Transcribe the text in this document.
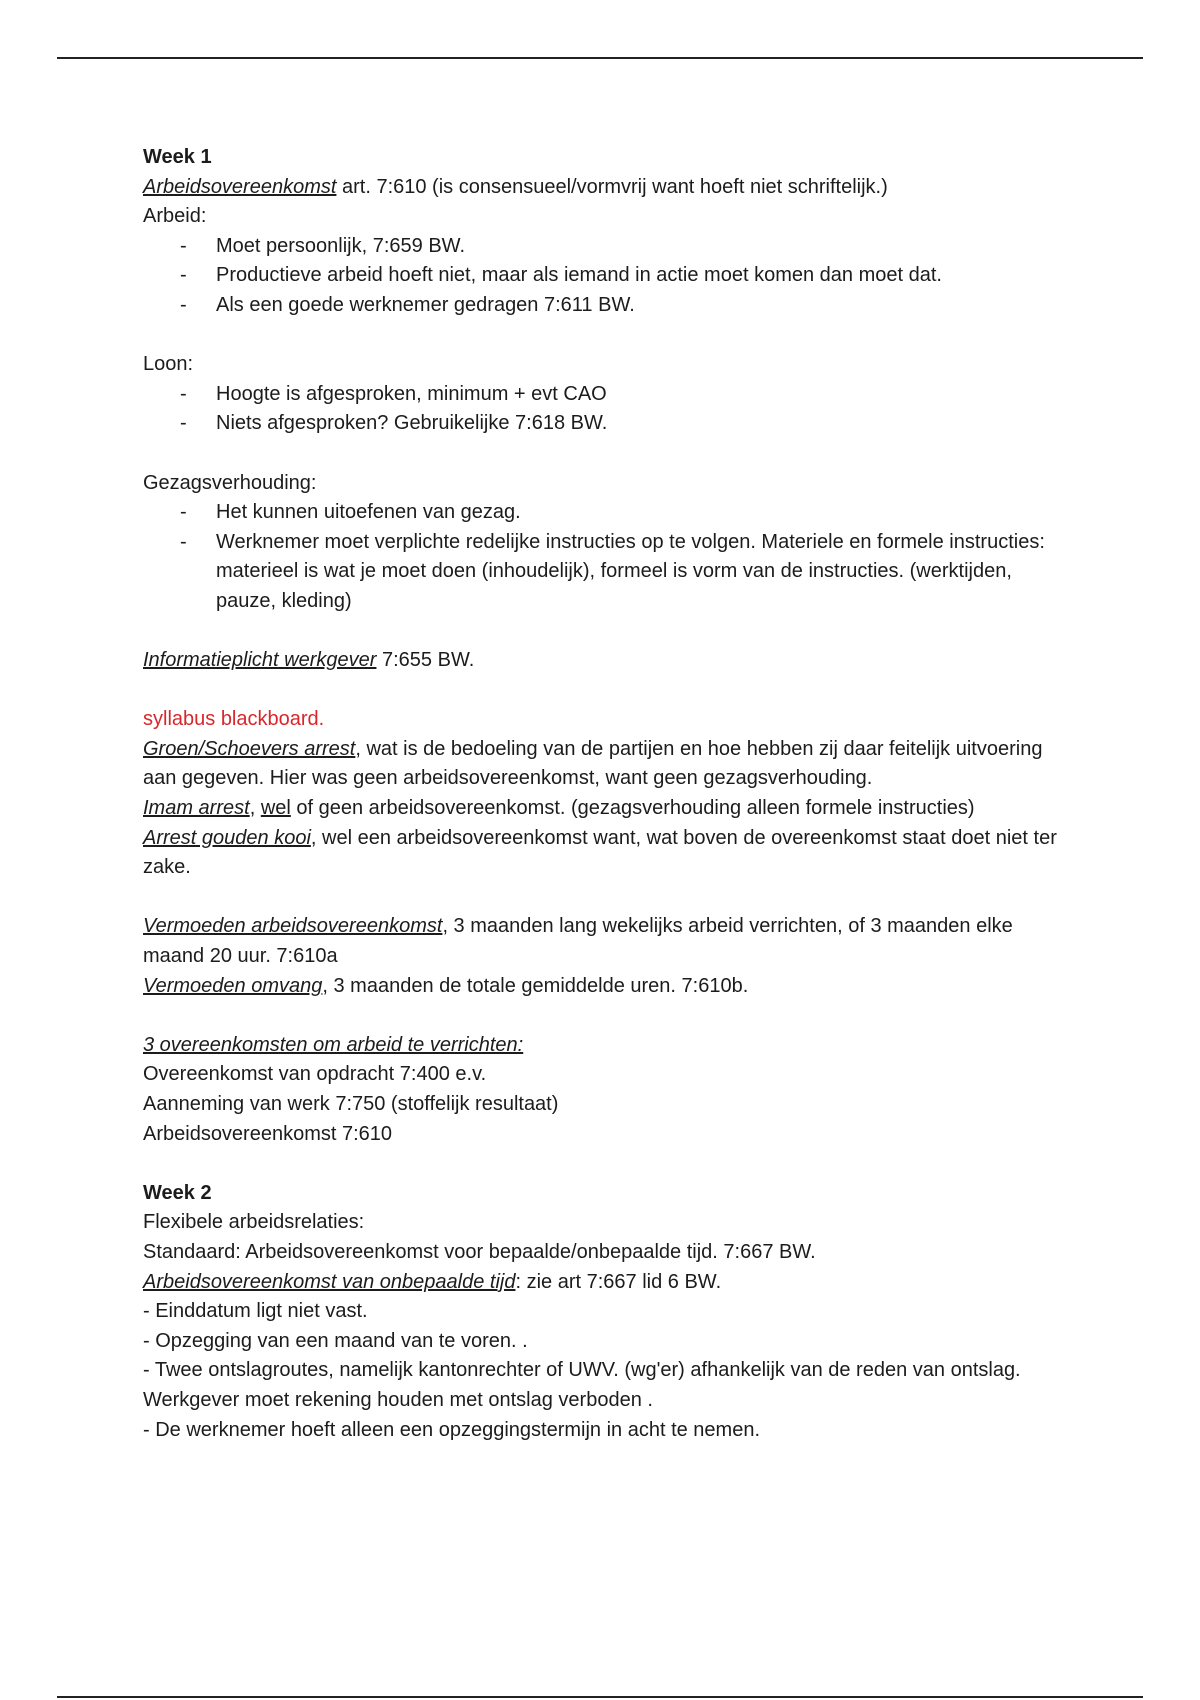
Week 1

Arbeidsovereenkomst art. 7:610 (is consensueel/vormvrij want hoeft niet schriftelijk.)

Arbeid:

- Moet persoonlijk, 7:659 BW.
- Productieve arbeid hoeft niet, maar als iemand in actie moet komen dan moet dat.
- Als een goede werknemer gedragen 7:611 BW.

Loon:

- Hoogte is afgesproken, minimum + evt CAO
- Niets afgesproken? Gebruikelijke 7:618 BW.

Gezagsverhouding:

- Het kunnen uitoefenen van gezag.
- Werknemer moet verplichte redelijke instructies op te volgen. Materiele en formele instructies: materieel is wat je moet doen (inhoudelijk), formeel is vorm van de instructies. (werktijden, pauze, kleding)

Informatieplicht werkgever 7:655 BW.

syllabus blackboard.

Groen/Schoevers arrest, wat is de bedoeling van de partijen en hoe hebben zij daar feitelijk uitvoering aan gegeven. Hier was geen arbeidsovereenkomst, want geen gezagsverhouding.

Imam arrest, wel of geen arbeidsovereenkomst. (gezagsverhouding alleen formele instructies)

Arrest gouden kooi, wel een arbeidsovereenkomst want, wat boven de overeenkomst staat doet niet ter zake.

Vermoeden arbeidsovereenkomst, 3 maanden lang wekelijks arbeid verrichten, of 3 maanden elke maand 20 uur. 7:610a

Vermoeden omvang, 3 maanden de totale gemiddelde uren. 7:610b.

3 overeenkomsten om arbeid te verrichten:

Overeenkomst van opdracht 7:400 e.v.

Aanneming van werk 7:750 (stoffelijk resultaat)

Arbeidsovereenkomst 7:610

Week 2

Flexibele arbeidsrelaties:

Standaard: Arbeidsovereenkomst voor bepaalde/onbepaalde tijd. 7:667 BW.

Arbeidsovereenkomst van onbepaalde tijd: zie art 7:667 lid 6 BW.

- Einddatum ligt niet vast.

- Opzegging van een maand van te voren. .

- Twee ontslagroutes, namelijk kantonrechter of UWV. (wg'er) afhankelijk van de reden van ontslag. Werkgever moet rekening houden met ontslag verboden .

- De werknemer hoeft alleen een opzeggingstermijn in acht te nemen.
